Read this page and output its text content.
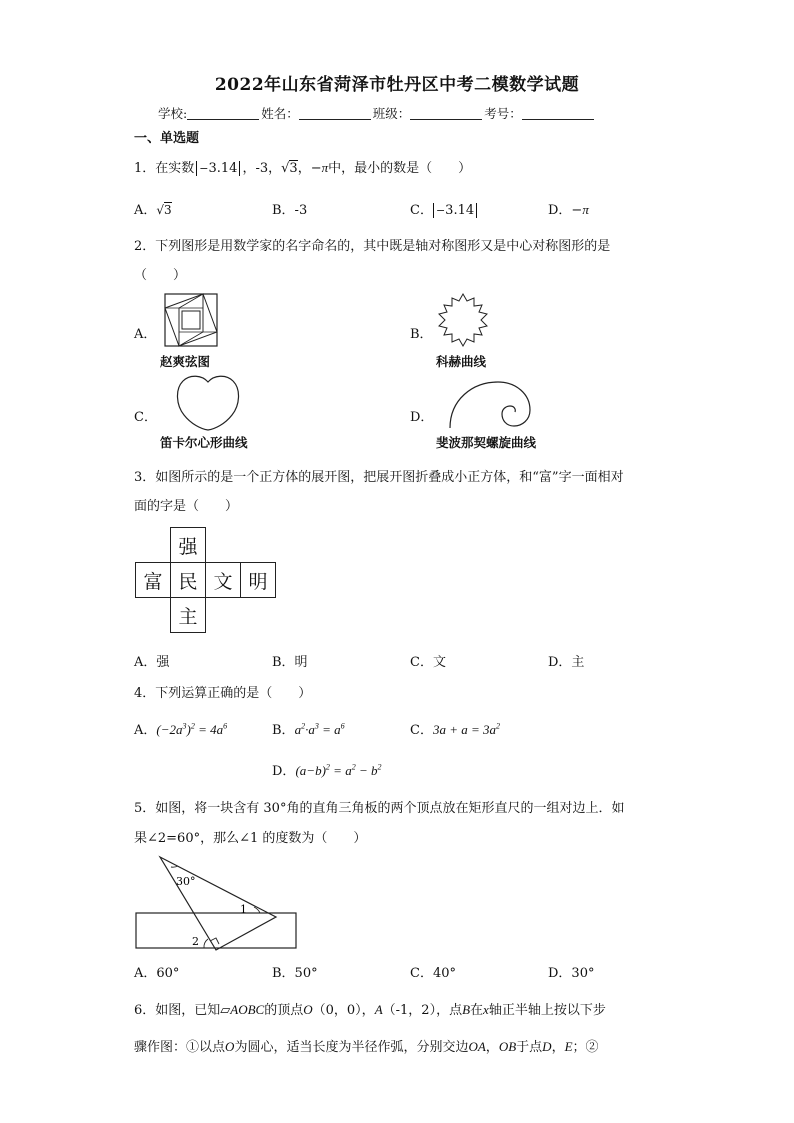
2022年山东省菏泽市牡丹区中考二模数学试题
学校:	姓名：	班级：	考号：
一、单选题
1．在实数 −3.14 ，-3，√3，−π中，最小的数是（　　）
A．√3	B．-3	C． −3.14	D．−π
2．下列图形是用数学家的名字命名的，其中既是轴对称图形又是中心对称图形的是
（　　）
A．
赵爽弦图
B．
科赫曲线
C．
笛卡尔心形曲线
D．
斐波那契螺旋曲线
3．如图所示的是一个正方体的展开图，把展开图折叠成小正方体，和“富”字一面相对
面的字是（　　）
	强		
富	民	文	明
	主		
A．强	B．明	C．文	D．主
4．下列运算正确的是（　　）
A．$(-2a^3)^2 = 4a^6$	B．$a^2\cdot a^3 = a^6$	C．$3a + a = 3a^2$
D．$(a-b)^2 = a^2 - b^2$
5．如图，将一块含有 30°角的直角三角板的两个顶点放在矩形直尺的一组对边上．如
果∠2=60°，那么∠1 的度数为（　　）
30°
1
2
A．60°	B．50°	C．40°	D．30°
6．如图，已知▱AOBC的顶点O（0，0），A（-1，2），点B在x轴正半轴上按以下步
骤作图：①以点O为圆心，适当长度为半径作弧，分别交边OA，OB于点D，E；②
